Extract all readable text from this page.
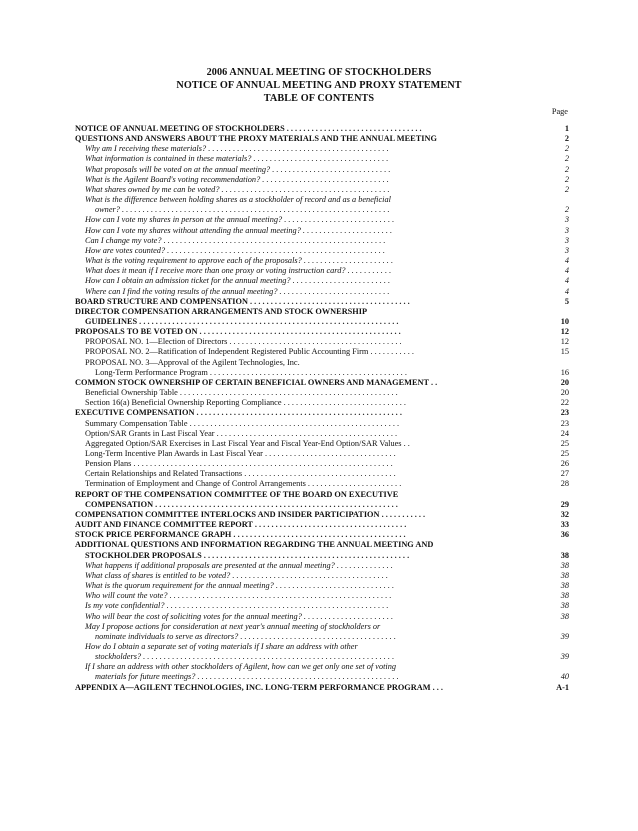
2006 ANNUAL MEETING OF STOCKHOLDERS
NOTICE OF ANNUAL MEETING AND PROXY STATEMENT
TABLE OF CONTENTS
Page
NOTICE OF ANNUAL MEETING OF STOCKHOLDERS . . . . . . . . . . . . . . . . . . . . . . . . . . . . . . . . .	1
QUESTIONS AND ANSWERS ABOUT THE PROXY MATERIALS AND THE ANNUAL MEETING	2
Why am I receiving these materials? . . . . . . . . . . . . . . . . . . . . . . . . . . . . . . . . . . . . . . . . . . . .	2
What information is contained in these materials? . . . . . . . . . . . . . . . . . . . . . . . . . . . . . . . . .	2
What proposals will be voted on at the annual meeting? . . . . . . . . . . . . . . . . . . . . . . . . . . . . .	2
What is the Agilent Board's voting recommendation? . . . . . . . . . . . . . . . . . . . . . . . . . . . . . . .	2
What shares owned by me can be voted? . . . . . . . . . . . . . . . . . . . . . . . . . . . . . . . . . . . . . . . . .	2
What is the difference between holding shares as a stockholder of record and as a beneficial
owner? . . . . . . . . . . . . . . . . . . . . . . . . . . . . . . . . . . . . . . . . . . . . . . . . . . . . . . . . . . . . . . . . .	2
How can I vote my shares in person at the annual meeting? . . . . . . . . . . . . . . . . . . . . . . . . . . .	3
How can I vote my shares without attending the annual meeting? . . . . . . . . . . . . . . . . . . . . . .	3
Can I change my vote? . . . . . . . . . . . . . . . . . . . . . . . . . . . . . . . . . . . . . . . . . . . . . . . . . . . . . .	3
How are votes counted? . . . . . . . . . . . . . . . . . . . . . . . . . . . . . . . . . . . . . . . . . . . . . . . . . . . . .	3
What is the voting requirement to approve each of the proposals? . . . . . . . . . . . . . . . . . . . . . .	4
What does it mean if I receive more than one proxy or voting instruction card? . . . . . . . . . . .	4
How can I obtain an admission ticket for the annual meeting? . . . . . . . . . . . . . . . . . . . . . . . .	4
Where can I find the voting results of the annual meeting? . . . . . . . . . . . . . . . . . . . . . . . . . . .	4
BOARD STRUCTURE AND COMPENSATION . . . . . . . . . . . . . . . . . . . . . . . . . . . . . . . . . . . . . . .	5
DIRECTOR COMPENSATION ARRANGEMENTS AND STOCK OWNERSHIP
GUIDELINES . . . . . . . . . . . . . . . . . . . . . . . . . . . . . . . . . . . . . . . . . . . . . . . . . . . . . . . . . . . . . . .	10
PROPOSALS TO BE VOTED ON . . . . . . . . . . . . . . . . . . . . . . . . . . . . . . . . . . . . . . . . . . . . . . . . .	12
PROPOSAL NO. 1—Election of Directors . . . . . . . . . . . . . . . . . . . . . . . . . . . . . . . . . . . . . . . . . .	12
PROPOSAL NO. 2—Ratification of Independent Registered Public Accounting Firm . . . . . . . . . . .	15
PROPOSAL NO. 3—Approval of the Agilent Technologies, Inc.
Long-Term Performance Program . . . . . . . . . . . . . . . . . . . . . . . . . . . . . . . . . . . . . . . . . . . . . . . .	16
COMMON STOCK OWNERSHIP OF CERTAIN BENEFICIAL OWNERS AND MANAGEMENT . .	20
Beneficial Ownership Table . . . . . . . . . . . . . . . . . . . . . . . . . . . . . . . . . . . . . . . . . . . . . . . . . . . . .	20
Section 16(a) Beneficial Ownership Reporting Compliance . . . . . . . . . . . . . . . . . . . . . . . . . . . . . .	22
EXECUTIVE COMPENSATION . . . . . . . . . . . . . . . . . . . . . . . . . . . . . . . . . . . . . . . . . . . . . . . . . .	23
Summary Compensation Table . . . . . . . . . . . . . . . . . . . . . . . . . . . . . . . . . . . . . . . . . . . . . . . . . . .	23
Option/SAR Grants in Last Fiscal Year . . . . . . . . . . . . . . . . . . . . . . . . . . . . . . . . . . . . . . . . . . . .	24
Aggregated Option/SAR Exercises in Last Fiscal Year and Fiscal Year-End Option/SAR Values . .	25
Long-Term Incentive Plan Awards in Last Fiscal Year . . . . . . . . . . . . . . . . . . . . . . . . . . . . . . . .	25
Pension Plans . . . . . . . . . . . . . . . . . . . . . . . . . . . . . . . . . . . . . . . . . . . . . . . . . . . . . . . . . . . . . . .	26
Certain Relationships and Related Transactions . . . . . . . . . . . . . . . . . . . . . . . . . . . . . . . . . . . . .	27
Termination of Employment and Change of Control Arrangements . . . . . . . . . . . . . . . . . . . . . . .	28
REPORT OF THE COMPENSATION COMMITTEE OF THE BOARD ON EXECUTIVE
COMPENSATION . . . . . . . . . . . . . . . . . . . . . . . . . . . . . . . . . . . . . . . . . . . . . . . . . . . . . . . . . . .	29
COMPENSATION COMMITTEE INTERLOCKS AND INSIDER PARTICIPATION . . . . . . . . . . .	32
AUDIT AND FINANCE COMMITTEE REPORT . . . . . . . . . . . . . . . . . . . . . . . . . . . . . . . . . . . . .	33
STOCK PRICE PERFORMANCE GRAPH . . . . . . . . . . . . . . . . . . . . . . . . . . . . . . . . . . . . . . . . . .	36
ADDITIONAL QUESTIONS AND INFORMATION REGARDING THE ANNUAL MEETING AND
STOCKHOLDER PROPOSALS . . . . . . . . . . . . . . . . . . . . . . . . . . . . . . . . . . . . . . . . . . . . . . . . . .	38
What happens if additional proposals are presented at the annual meeting? . . . . . . . . . . . . . .	38
What class of shares is entitled to be voted? . . . . . . . . . . . . . . . . . . . . . . . . . . . . . . . . . . . . . .	38
What is the quorum requirement for the annual meeting? . . . . . . . . . . . . . . . . . . . . . . . . . . . . .	38
Who will count the vote? . . . . . . . . . . . . . . . . . . . . . . . . . . . . . . . . . . . . . . . . . . . . . . . . . . . . . .	38
Is my vote confidential? . . . . . . . . . . . . . . . . . . . . . . . . . . . . . . . . . . . . . . . . . . . . . . . . . . . . . .	38
Who will bear the cost of soliciting votes for the annual meeting? . . . . . . . . . . . . . . . . . . . . . .	38
May I propose actions for consideration at next year's annual meeting of stockholders or
nominate individuals to serve as directors? . . . . . . . . . . . . . . . . . . . . . . . . . . . . . . . . . . . . . .	39
How do I obtain a separate set of voting materials if I share an address with other
stockholders? . . . . . . . . . . . . . . . . . . . . . . . . . . . . . . . . . . . . . . . . . . . . . . . . . . . . . . . . . . . . .	39
If I share an address with other stockholders of Agilent, how can we get only one set of voting
materials for future meetings? . . . . . . . . . . . . . . . . . . . . . . . . . . . . . . . . . . . . . . . . . . . . . . . . .	40
APPENDIX A—AGILENT TECHNOLOGIES, INC. LONG-TERM PERFORMANCE PROGRAM . . .	A-1
